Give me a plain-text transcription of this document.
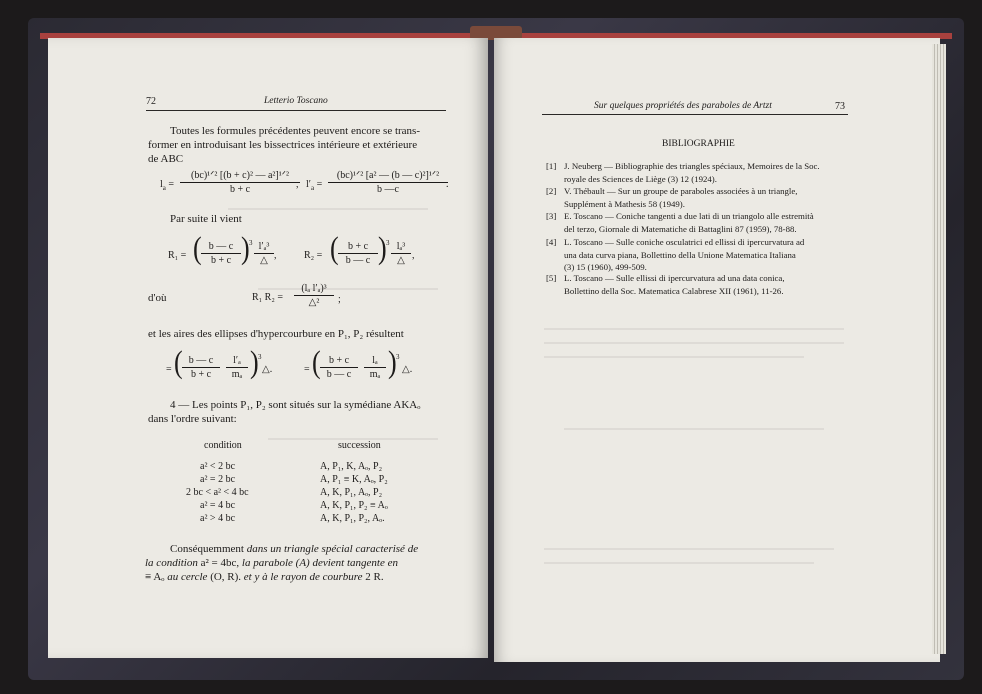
72	Letterio Toscano
Toutes les formules précédentes peuvent encore se trans-
former en introduisant les bissectrices intérieure et extérieure
de ABC
$l_a$ =
(bc)¹ᐟ² [(b + c)² — a²]¹ᐟ²
b + c	, $l'_a$ =
(bc)¹ᐟ² [a² — (b — c)²]¹ᐟ²
b —c	.
Par suite il vient
R₁ = ( b — c
b + c ) 3 l′ₐ³
△ ,	R₂ = ( b + c
b — c ) 3 lₐ³
△ ,
d'où	R₁ R₂ =
(lₐ l′ₐ)³
△² ;
et les aires des ellipses d'hypercourbure en P₁, P₂ résultent
= ( b — c
b + c
l′ₐ
mₐ ) 3
△.	= ( b + c
b — c
lₐ
mₐ ) 3
△.
4 — Les points P₁, P₂ sont situés sur la symédiane AKAₒ
dans l'ordre suivant:
condition	succession
a² < 2 bc	A, P₁, K, Aₒ, P₂
a² = 2 bc	A, P₁ ≡ K, Aₒ, P₂
2 bc < a² < 4 bc	A, K, P₁, Aₒ, P₂
a² = 4 bc	A, K, P₁, P₂ ≡ Aₒ
a² > 4 bc	A, K, P₁, P₂, Aₒ.
Conséquemment dans un triangle spécial caracterisé de
la condition a² = 4bc, la parabole (A) devient tangente en
≡ Aₒ au cercle (O, R). et y à le rayon de courbure 2 R.
Sur quelques propriétés des paraboles de Artzt	73
BIBLIOGRAPHIE
[1] J. Neuberg — Bibliographie des triangles spéciaux, Memoires de la Soc.
royale des Sciences de Liège (3) 12 (1924).
[2] V. Thébault — Sur un groupe de paraboles associées à un triangle,
Supplément à Mathesis 58 (1949).
[3] E. Toscano — Coniche tangenti a due lati di un triangolo alle estremità
del terzo, Giornale di Matematiche di Battaglini 87 (1959), 78-88.
[4] L. Toscano — Sulle coniche osculatrici ed ellissi di ipercurvatura ad
una data curva piana, Bollettino della Unione Matematica Italiana
(3) 15 (1960), 499-509.
[5] L. Toscano — Sulle ellissi di ipercurvatura ad una data conica,
Bollettino della Soc. Matematica Calabrese XII (1961), 11-26.
